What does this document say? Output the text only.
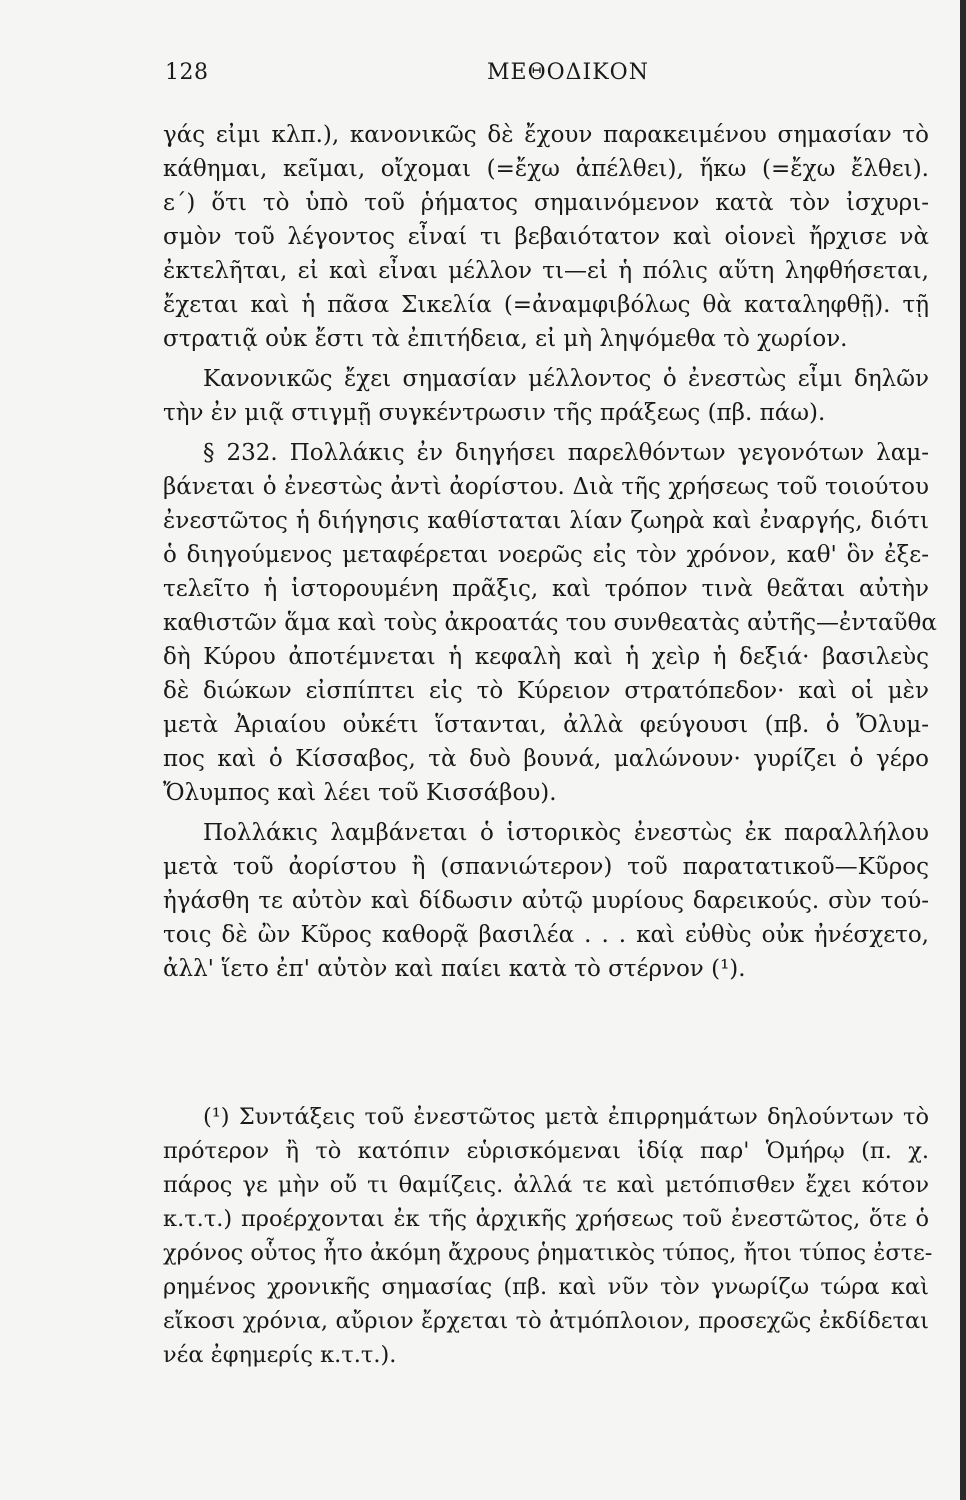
128	ΜΕΘΟΔΙΚΟΝ
γάς εἰμι κλπ.), κανονικῶς δὲ ἔχουν παρακειμένου σημασίαν τὸ
κάθημαι, κεῖμαι, οἴχομαι (=ἔχω ἀπέλθει), ἥκω (=ἔχω ἔλθει).
ε΄) ὅτι τὸ ὑπὸ τοῦ ῥήματος σημαινόμενον κατὰ τὸν ἰσχυρι-
σμὸν τοῦ λέγοντος εἶναί τι βεβαιότατον καὶ οἱονεὶ ἤρχισε νὰ
ἐκτελῆται, εἰ καὶ εἶναι μέλλον τι—εἰ ἡ πόλις αὕτη ληφθήσεται,
ἔχεται καὶ ἡ πᾶσα Σικελία (=ἀναμφιβόλως θὰ καταληφθῇ). τῇ
στρατιᾷ οὐκ ἔστι τὰ ἐπιτήδεια, εἰ μὴ ληψόμεθα τὸ χωρίον.
Κανονικῶς ἔχει σημασίαν μέλλοντος ὁ ἐνεστὼς εἶμι δηλῶν
τὴν ἐν μιᾷ στιγμῇ συγκέντρωσιν τῆς πράξεως (πβ. πάω).
§ 232. Πολλάκις ἐν διηγήσει παρελθόντων γεγονότων λαμ-
βάνεται ὁ ἐνεστὼς ἀντὶ ἀορίστου. Διὰ τῆς χρήσεως τοῦ τοιούτου
ἐνεστῶτος ἡ διήγησις καθίσταται λίαν ζωηρὰ καὶ ἐναργής, διότι
ὁ διηγούμενος μεταφέρεται νοερῶς εἰς τὸν χρόνον, καθ' ὃν ἐξε-
τελεῖτο ἡ ἱστορουμένη πρᾶξις, καὶ τρόπον τινὰ θεᾶται αὐτὴν
καθιστῶν ἅμα καὶ τοὺς ἀκροατάς του συνθεατὰς αὐτῆς—ἐνταῦθα
δὴ Κύρου ἀποτέμνεται ἡ κεφαλὴ καὶ ἡ χεὶρ ἡ δεξιά· βασιλεὺς
δὲ διώκων εἰσπίπτει εἰς τὸ Κύρειον στρατόπεδον· καὶ οἱ μὲν
μετὰ Ἀριαίου οὐκέτι ἵστανται, ἀλλὰ φεύγουσι (πβ. ὁ Ὄλυμ-
πος καὶ ὁ Κίσσαβος, τὰ δυὸ βουνά, μαλώνουν· γυρίζει ὁ γέρο
Ὄλυμπος καὶ λέει τοῦ Κισσάβου).
Πολλάκις λαμβάνεται ὁ ἱστορικὸς ἐνεστὼς ἐκ παραλλήλου
μετὰ τοῦ ἀορίστου ἢ (σπανιώτερον) τοῦ παρατατικοῦ—Κῦρος
ἠγάσθη τε αὐτὸν καὶ δίδωσιν αὐτῷ μυρίους δαρεικούς. σὺν τού-
τοις δὲ ὢν Κῦρος καθορᾷ βασιλέα . . . καὶ εὐθὺς οὐκ ἠνέσχετο,
ἀλλ' ἵετο ἐπ' αὐτὸν καὶ παίει κατὰ τὸ στέρνον (¹).
(¹) Συντάξεις τοῦ ἐνεστῶτος μετὰ ἐπιρρημάτων δηλούντων τὸ
πρότερον ἢ τὸ κατόπιν εὑρισκόμεναι ἰδίᾳ παρ' Ὁμήρῳ (π. χ.
πάρος γε μὴν οὔ τι θαμίζεις. ἀλλά τε καὶ μετόπισθεν ἔχει κότον
κ.τ.τ.) προέρχονται ἐκ τῆς ἀρχικῆς χρήσεως τοῦ ἐνεστῶτος, ὅτε ὁ
χρόνος οὗτος ἦτο ἀκόμη ἄχρους ῥηματικὸς τύπος, ἤτοι τύπος ἐστε-
ρημένος χρονικῆς σημασίας (πβ. καὶ νῦν τὸν γνωρίζω τώρα καὶ
εἴκοσι χρόνια, αὔριον ἔρχεται τὸ ἀτμόπλοιον, προσεχῶς ἐκδίδεται
νέα ἐφημερίς κ.τ.τ.).
